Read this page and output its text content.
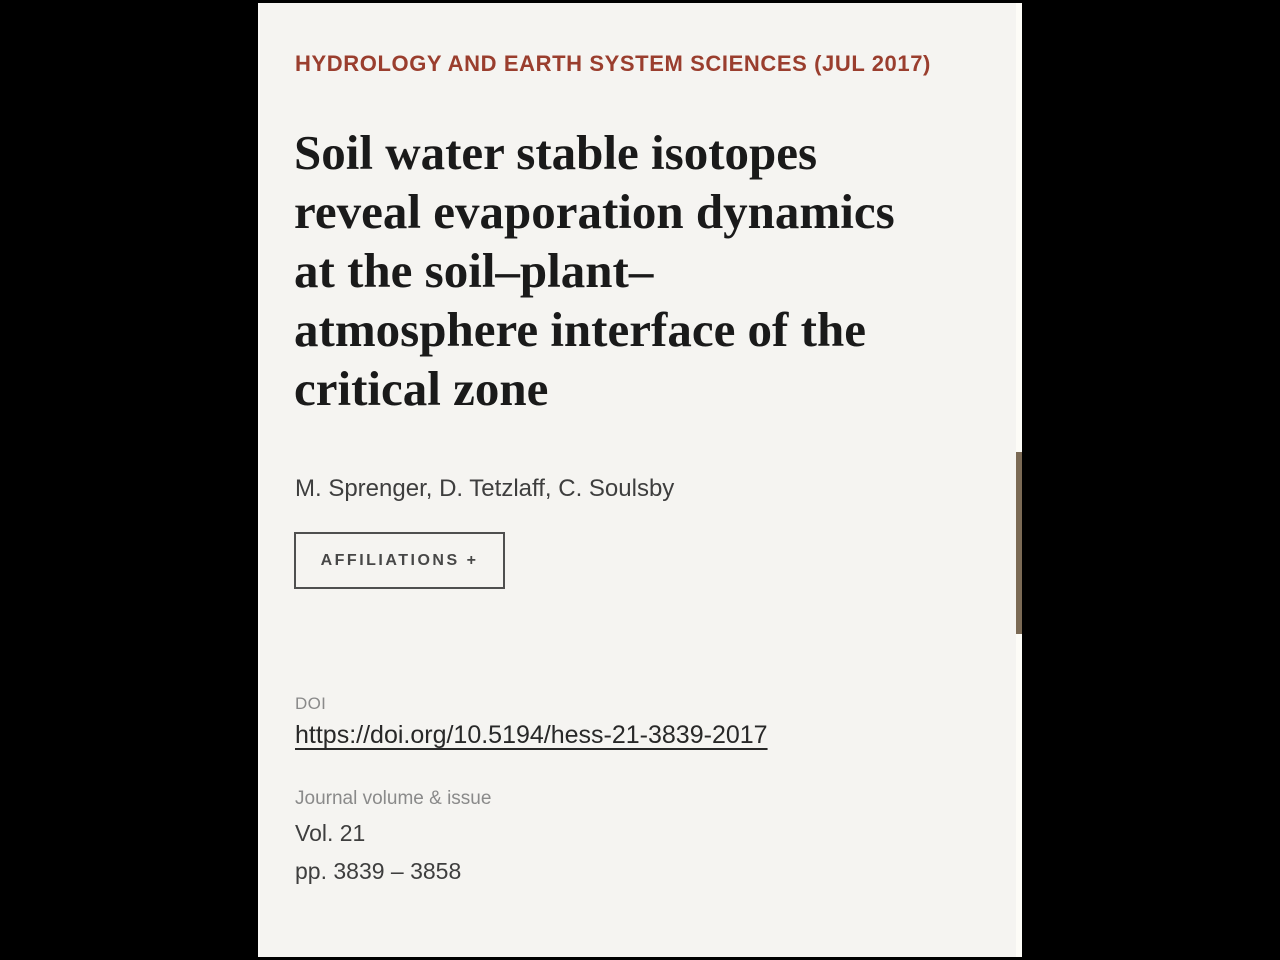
HYDROLOGY AND EARTH SYSTEM SCIENCES (JUL 2017)
Soil water stable isotopes
reveal evaporation dynamics
at the soil–plant–
atmosphere interface of the
critical zone
M. Sprenger, D. Tetzlaff, C. Soulsby
AFFILIATIONS +
DOI
https://doi.org/10.5194/hess-21-3839-2017
Journal volume & issue
Vol. 21
pp. 3839 – 3858
